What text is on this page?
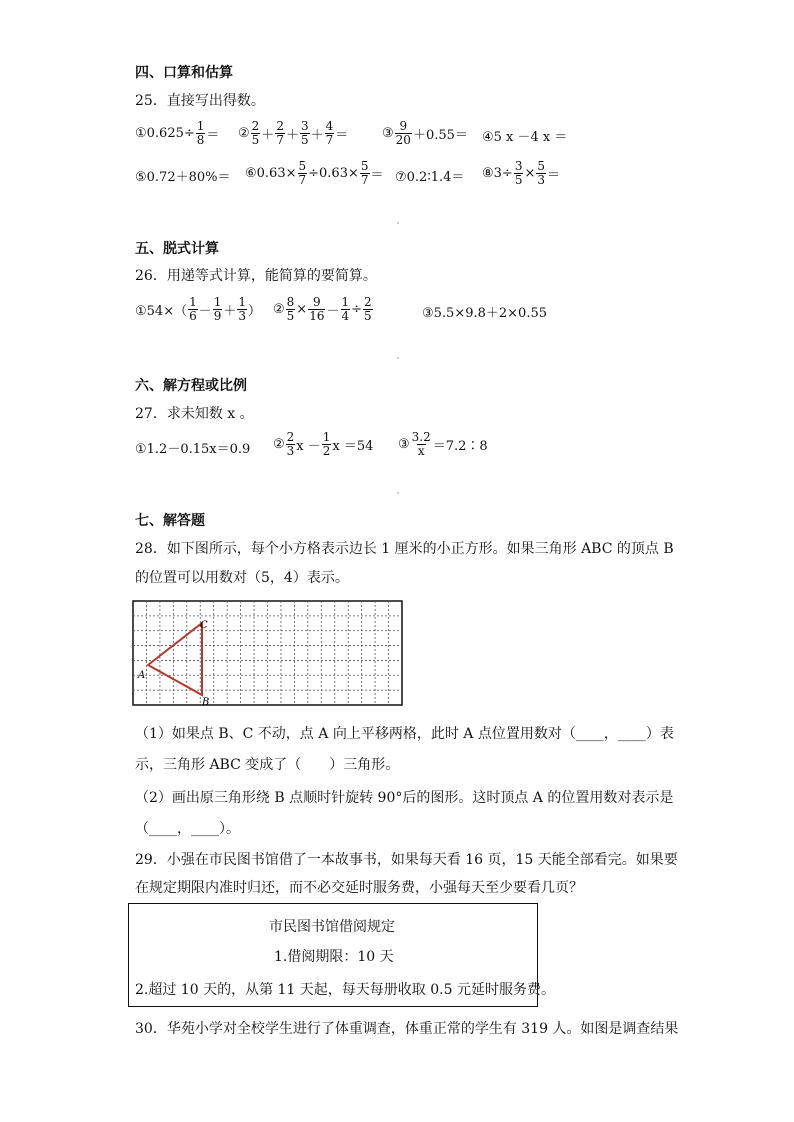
四、口算和估算
25．直接写出得数。
①0.625÷ $\frac{1}{8}$ ＝ ② $\frac{2}{5} + \frac{2}{7} + \frac{3}{5} + \frac{4}{7}$ ＝	③ $\frac{9}{20} +0.55=$ ④5 x －4 x ＝
⑤0.72＋80%＝ ⑥0.63× $\frac{5}{7} \div 0.63\times \frac{5}{7}$ ＝ ⑦0.2∶1.4＝ ⑧3÷ $\frac{3}{5} \times \frac{5}{3}$ ＝
五、脱式计算
26．用递等式计算，能简算的要简算。
①54×（ $\frac{1}{6} - \frac{1}{9} + \frac{1}{3}$ ） ② $\frac{8}{5} \times \frac{9}{16} - \frac{1}{4} \div \frac{2}{5}$	③5.5×9.8＋2×0.55
六、解方程或比例
27．求未知数 x 。
①1.2－0.15x＝0.9 ② $\frac{2}{3}$ $x - \frac{1}{2}$ x ＝54 ③ $\frac{3.2}{x}$ ＝7.2∶8
七、解答题
28．如下图所示，每个小方格表示边长 1 厘米的小正方形。如果三角形 ABC 的顶点 B
的位置可以用数对（5，4）表示。
A
B
C
（1）如果点 B、C 不动，点 A 向上平移两格，此时 A 点位置用数对（____，____）表
示，三角形 ABC 变成了（　　）三角形。
（2）画出原三角形绕 B 点顺时针旋转 90°后的图形。这时顶点 A 的位置用数对表示是
（____，____）。
29．小强在市民图书馆借了一本故事书，如果每天看 16 页，15 天能全部看完。如果要
在规定期限内准时归还，而不必交延时服务费，小强每天至少要看几页？
市民图书馆借阅规定
1.借阅期限：10 天
2.超过 10 天的，从第 11 天起，每天每册收取 0.5 元延时服务费。
30．华苑小学对全校学生进行了体重调查，体重正常的学生有 319 人。如图是调查结果
